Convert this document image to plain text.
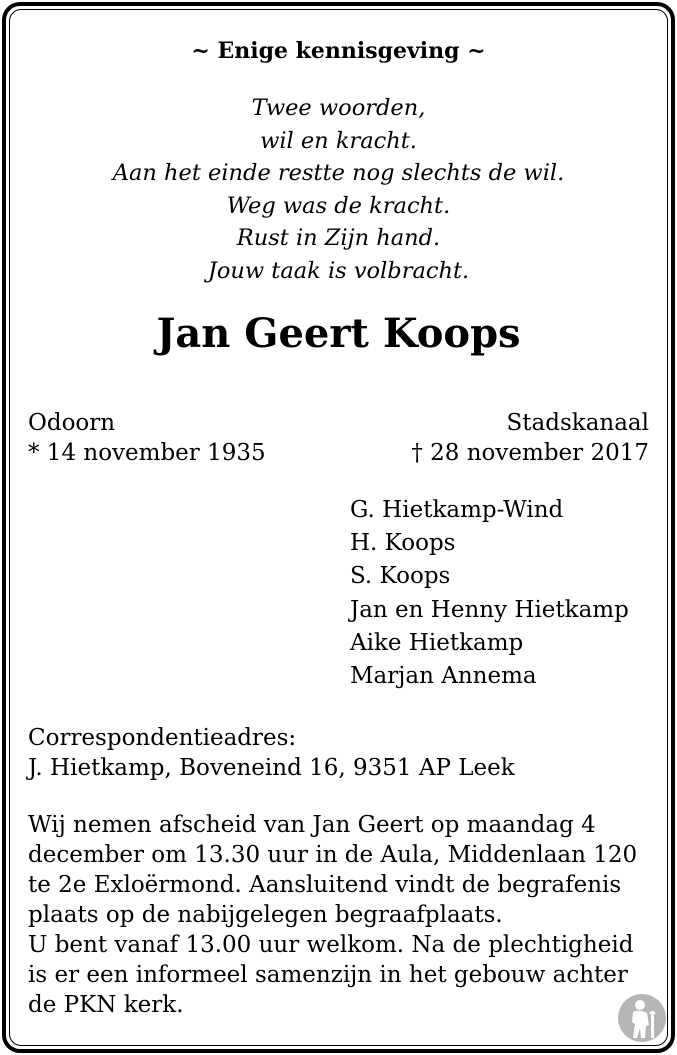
~ Enige kennisgeving ~
Twee woorden,
wil en kracht.
Aan het einde restte nog slechts de wil.
Weg was de kracht.
Rust in Zijn hand.
Jouw taak is volbracht.
Jan Geert Koops
Odoorn
* 14 november 1935
Stadskanaal
† 28 november 2017
G. Hietkamp-Wind
H. Koops
S. Koops
Jan en Henny Hietkamp
Aike Hietkamp
Marjan Annema
Correspondentieadres:
J. Hietkamp, Boveneind 16, 9351 AP Leek
Wij nemen afscheid van Jan Geert op maandag 4
december om 13.30 uur in de Aula, Middenlaan 120
te 2e Exloërmond. Aansluitend vindt de begrafenis
plaats op de nabijgelegen begraafplaats.
U bent vanaf 13.00 uur welkom. Na de plechtigheid
is er een informeel samenzijn in het gebouw achter
de PKN kerk.
